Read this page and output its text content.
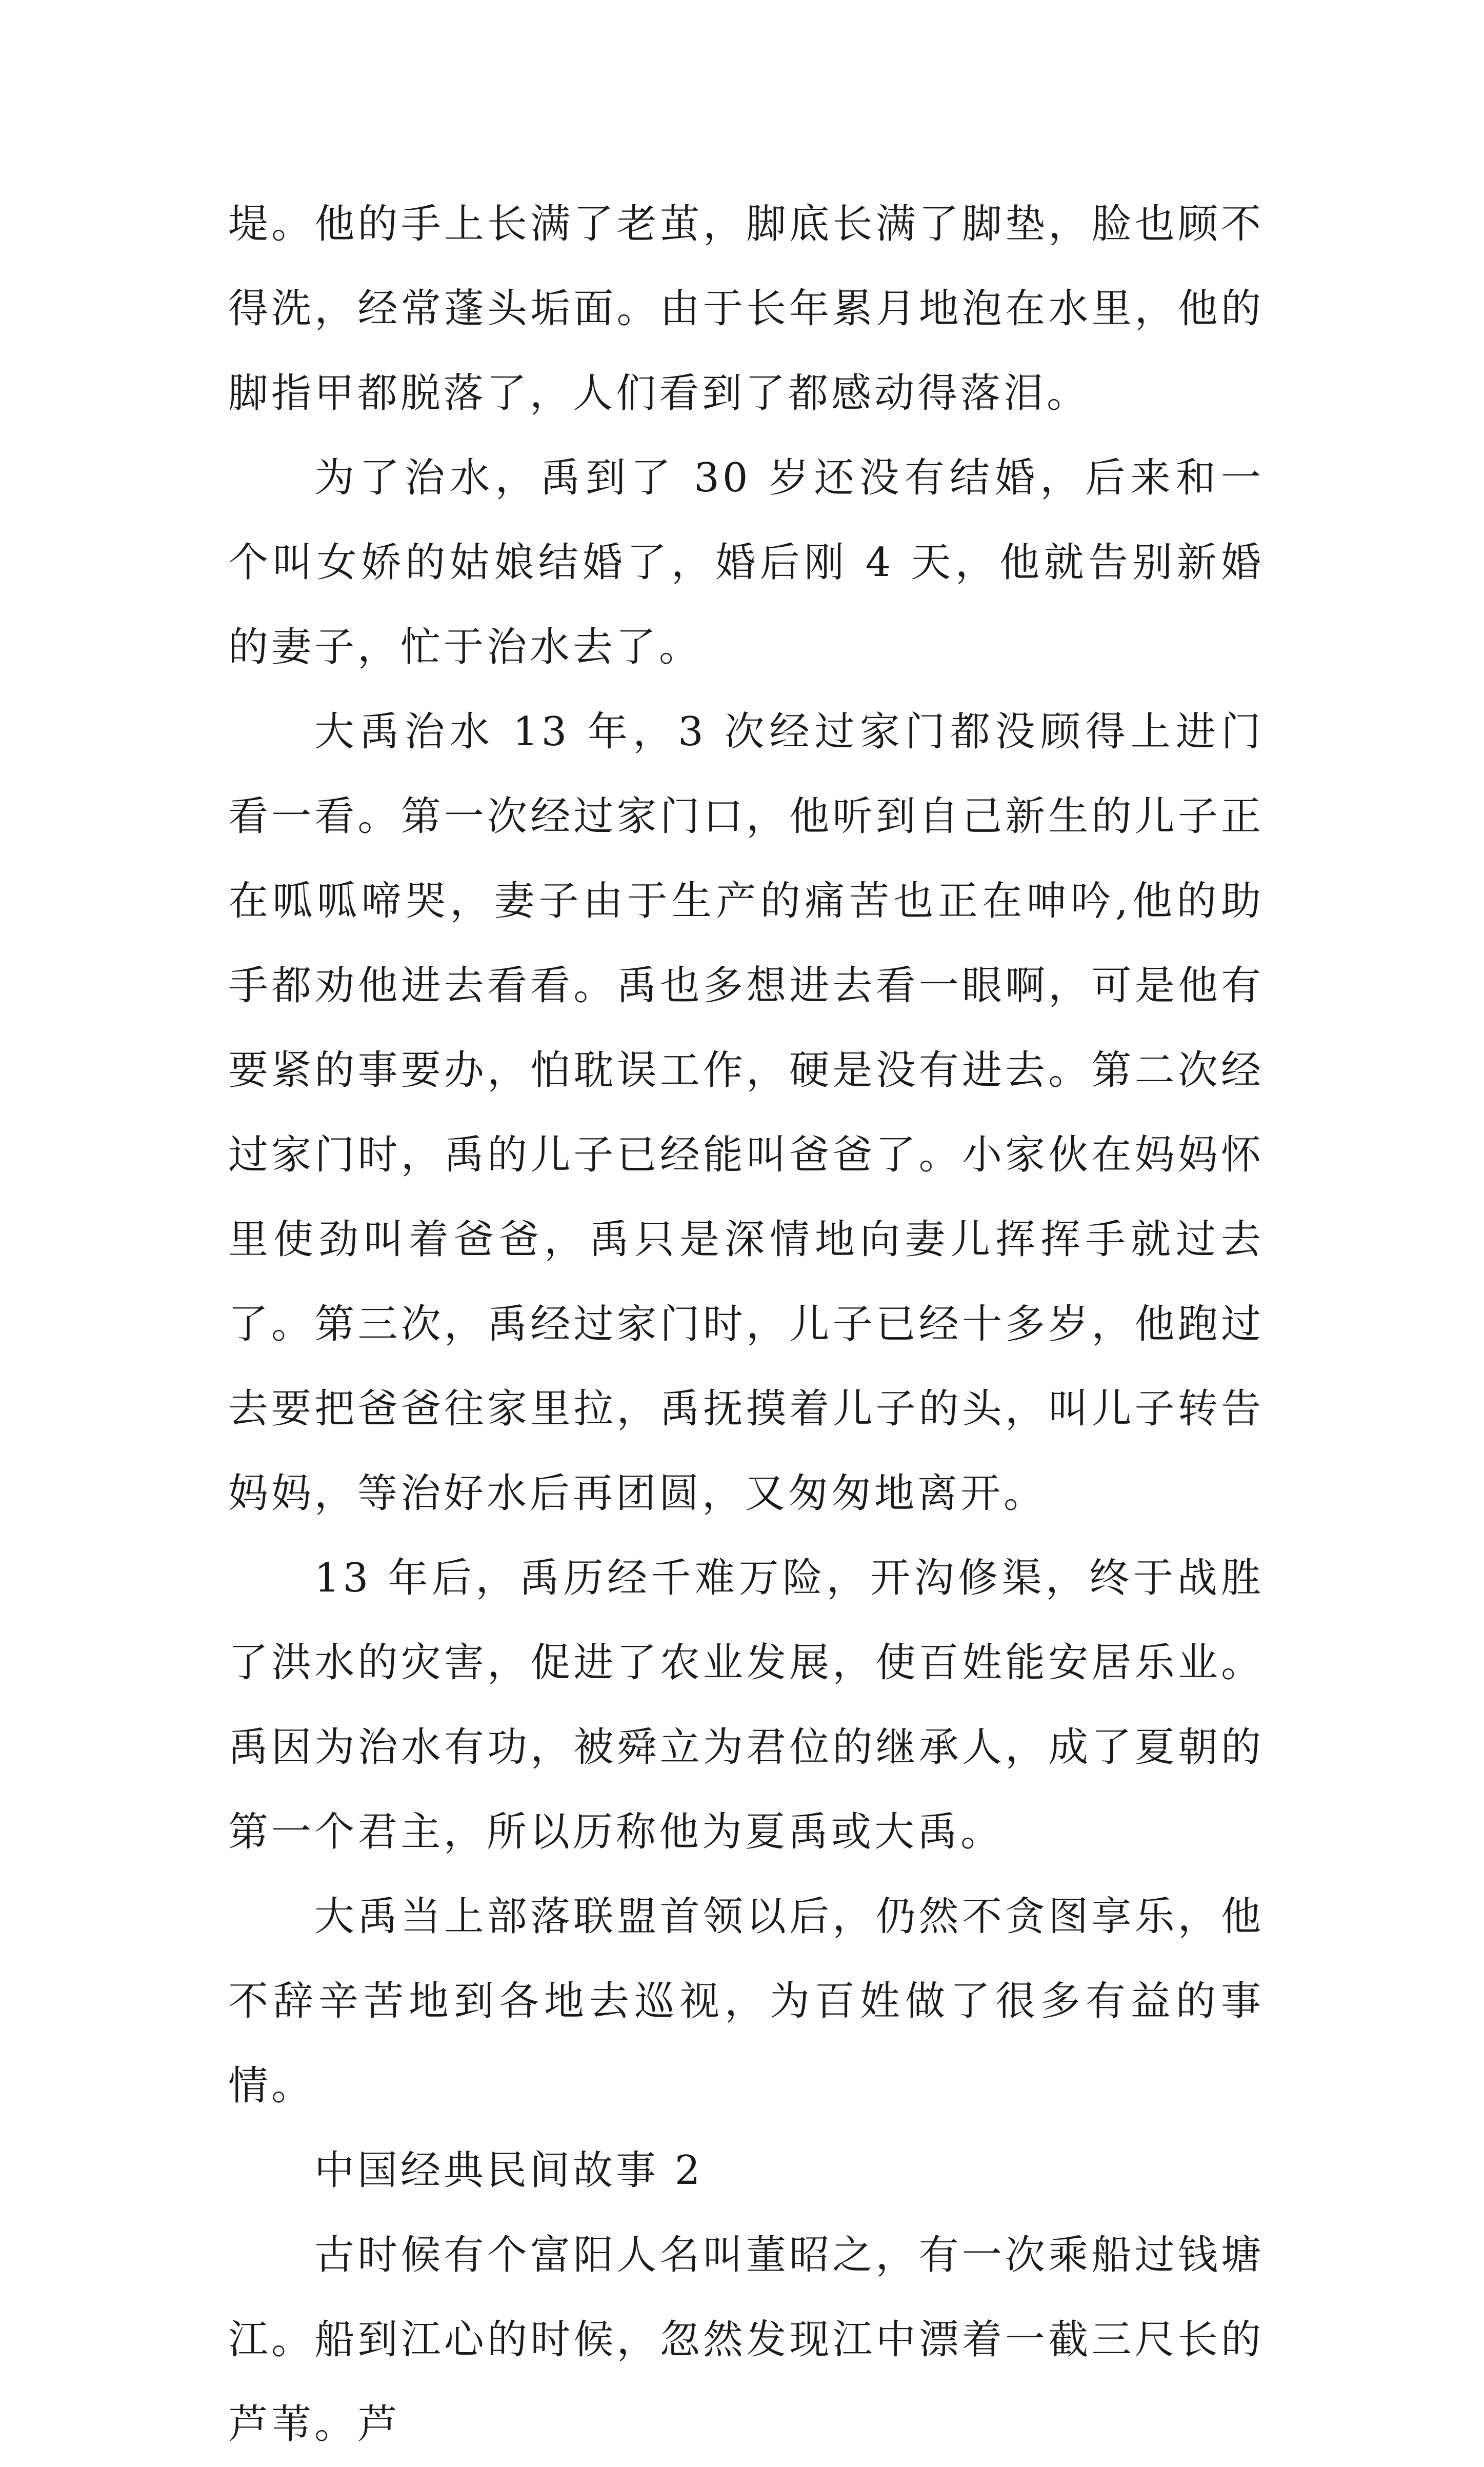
堤。他的手上长满了老茧，脚底长满了脚垫，脸也顾不得洗，经常蓬头垢面。由于长年累月地泡在水里，他的脚指甲都脱落了，人们看到了都感动得落泪。

为了治水，禹到了 30 岁还没有结婚，后来和一个叫女娇的姑娘结婚了，婚后刚 4 天，他就告别新婚的妻子，忙于治水去了。

大禹治水 13 年，3 次经过家门都没顾得上进门看一看。第一次经过家门口，他听到自己新生的儿子正在呱呱啼哭，妻子由于生产的痛苦也正在呻吟,他的助手都劝他进去看看。禹也多想进去看一眼啊，可是他有要紧的事要办，怕耽误工作，硬是没有进去。第二次经过家门时，禹的儿子已经能叫爸爸了。小家伙在妈妈怀里使劲叫着爸爸，禹只是深情地向妻儿挥挥手就过去了。第三次，禹经过家门时，儿子已经十多岁，他跑过去要把爸爸往家里拉，禹抚摸着儿子的头，叫儿子转告妈妈，等治好水后再团圆，又匆匆地离开。

13 年后，禹历经千难万险，开沟修渠，终于战胜了洪水的灾害，促进了农业发展，使百姓能安居乐业。禹因为治水有功，被舜立为君位的继承人，成了夏朝的第一个君主，所以历称他为夏禹或大禹。

大禹当上部落联盟首领以后，仍然不贪图享乐，他不辞辛苦地到各地去巡视，为百姓做了很多有益的事情。

中国经典民间故事 2

古时候有个富阳人名叫董昭之，有一次乘船过钱塘江。船到江心的时候，忽然发现江中漂着一截三尺长的芦苇。芦
